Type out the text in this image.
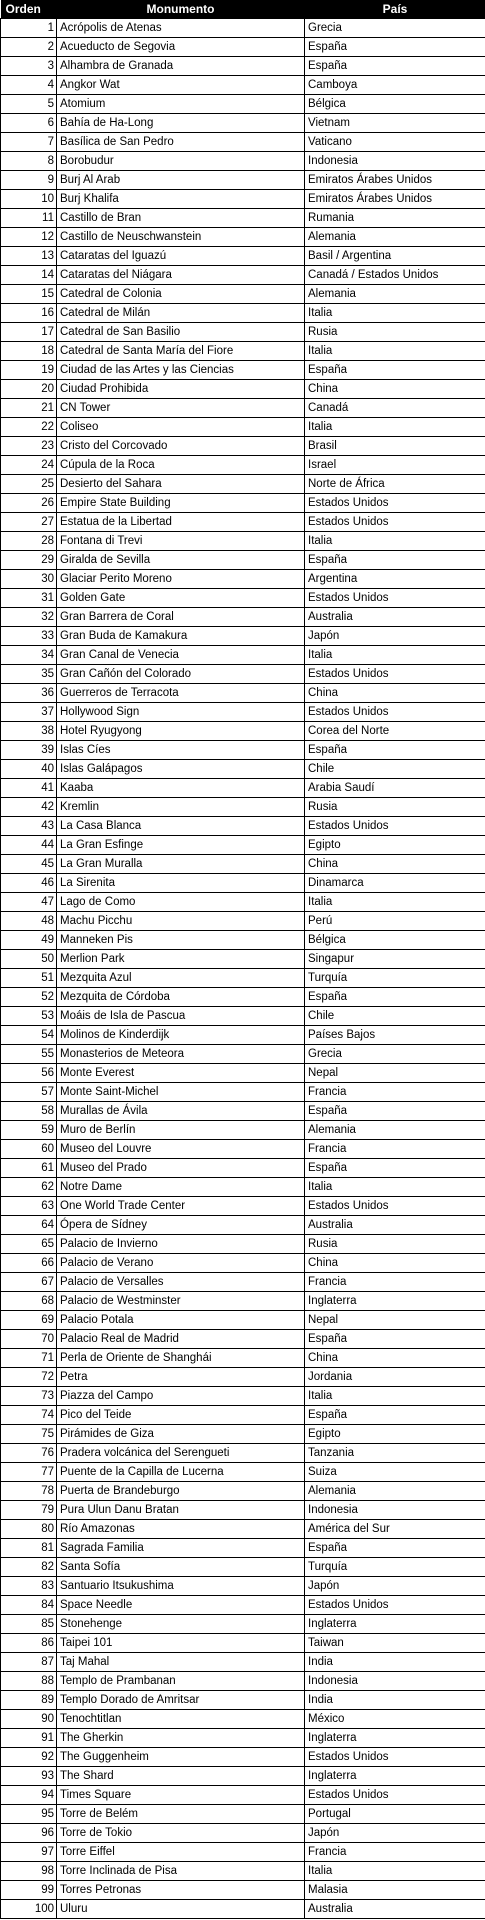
Orden	Monumento	País
1	Acrópolis de Atenas	Grecia
2	Acueducto de Segovia	España
3	Alhambra de Granada	España
4	Angkor Wat	Camboya
5	Atomium	Bélgica
6	Bahía de Ha-Long	Vietnam
7	Basílica de San Pedro	Vaticano
8	Borobudur	Indonesia
9	Burj Al Arab	Emiratos Árabes Unidos
10	Burj Khalifa	Emiratos Árabes Unidos
11	Castillo de Bran	Rumania
12	Castillo de Neuschwanstein	Alemania
13	Cataratas del Iguazú	Basil / Argentina
14	Cataratas del Niágara	Canadá / Estados Unidos
15	Catedral de Colonia	Alemania
16	Catedral de Milán	Italia
17	Catedral de San Basilio	Rusia
18	Catedral de Santa María del Fiore	Italia
19	Ciudad de las Artes y las Ciencias	España
20	Ciudad Prohibida	China
21	CN Tower	Canadá
22	Coliseo	Italia
23	Cristo del Corcovado	Brasil
24	Cúpula de la Roca	Israel
25	Desierto del Sahara	Norte de África
26	Empire State Building	Estados Unidos
27	Estatua de la Libertad	Estados Unidos
28	Fontana di Trevi	Italia
29	Giralda de Sevilla	España
30	Glaciar Perito Moreno	Argentina
31	Golden Gate	Estados Unidos
32	Gran Barrera de Coral	Australia
33	Gran Buda de Kamakura	Japón
34	Gran Canal de Venecia	Italia
35	Gran Cañón del Colorado	Estados Unidos
36	Guerreros de Terracota	China
37	Hollywood Sign	Estados Unidos
38	Hotel Ryugyong	Corea del Norte
39	Islas Cíes	España
40	Islas Galápagos	Chile
41	Kaaba	Arabia Saudí
42	Kremlin	Rusia
43	La Casa Blanca	Estados Unidos
44	La Gran Esfinge	Egipto
45	La Gran Muralla	China
46	La Sirenita	Dinamarca
47	Lago de Como	Italia
48	Machu Picchu	Perú
49	Manneken Pis	Bélgica
50	Merlion Park	Singapur
51	Mezquita Azul	Turquía
52	Mezquita de Córdoba	España
53	Moáis de Isla de Pascua	Chile
54	Molinos de Kinderdijk	Países Bajos
55	Monasterios de Meteora	Grecia
56	Monte Everest	Nepal
57	Monte Saint-Michel	Francia
58	Murallas de Ávila	España
59	Muro de Berlín	Alemania
60	Museo del Louvre	Francia
61	Museo del Prado	España
62	Notre Dame	Italia
63	One World Trade Center	Estados Unidos
64	Ópera de Sídney	Australia
65	Palacio de Invierno	Rusia
66	Palacio de Verano	China
67	Palacio de Versalles	Francia
68	Palacio de Westminster	Inglaterra
69	Palacio Potala	Nepal
70	Palacio Real de Madrid	España
71	Perla de Oriente de Shanghái	China
72	Petra	Jordania
73	Piazza del Campo	Italia
74	Pico del Teide	España
75	Pirámides de Giza	Egipto
76	Pradera volcánica del Serengueti	Tanzania
77	Puente de la Capilla de Lucerna	Suiza
78	Puerta de Brandeburgo	Alemania
79	Pura Ulun Danu Bratan	Indonesia
80	Río Amazonas	América del Sur
81	Sagrada Familia	España
82	Santa Sofía	Turquía
83	Santuario Itsukushima	Japón
84	Space Needle	Estados Unidos
85	Stonehenge	Inglaterra
86	Taipei 101	Taiwan
87	Taj Mahal	India
88	Templo de Prambanan	Indonesia
89	Templo Dorado de Amritsar	India
90	Tenochtitlan	México
91	The Gherkin	Inglaterra
92	The Guggenheim	Estados Unidos
93	The Shard	Inglaterra
94	Times Square	Estados Unidos
95	Torre de Belém	Portugal
96	Torre de Tokio	Japón
97	Torre Eiffel	Francia
98	Torre Inclinada de Pisa	Italia
99	Torres Petronas	Malasia
100	Uluru	Australia
